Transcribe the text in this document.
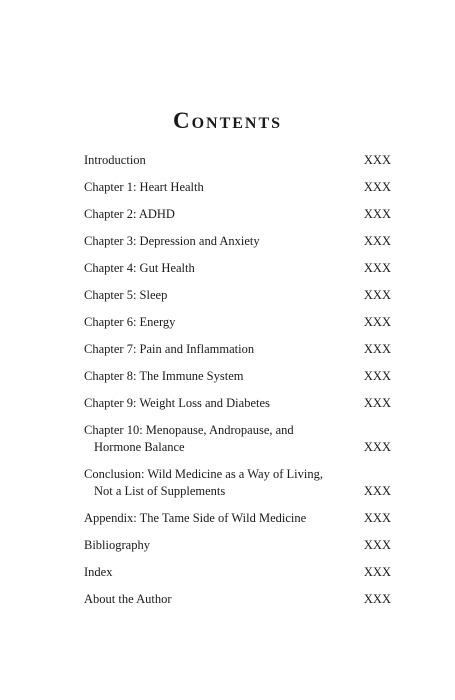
Contents
Introduction	XXX
Chapter 1: Heart Health	XXX
Chapter 2: ADHD	XXX
Chapter 3: Depression and Anxiety	XXX
Chapter 4: Gut Health	XXX
Chapter 5: Sleep	XXX
Chapter 6: Energy	XXX
Chapter 7: Pain and Inflammation	XXX
Chapter 8: The Immune System	XXX
Chapter 9: Weight Loss and Diabetes	XXX
Chapter 10: Menopause, Andropause, and
Hormone Balance	XXX
Conclusion: Wild Medicine as a Way of Living,
Not a List of Supplements	XXX
Appendix: The Tame Side of Wild Medicine	XXX
Bibliography	XXX
Index	XXX
About the Author	XXX
